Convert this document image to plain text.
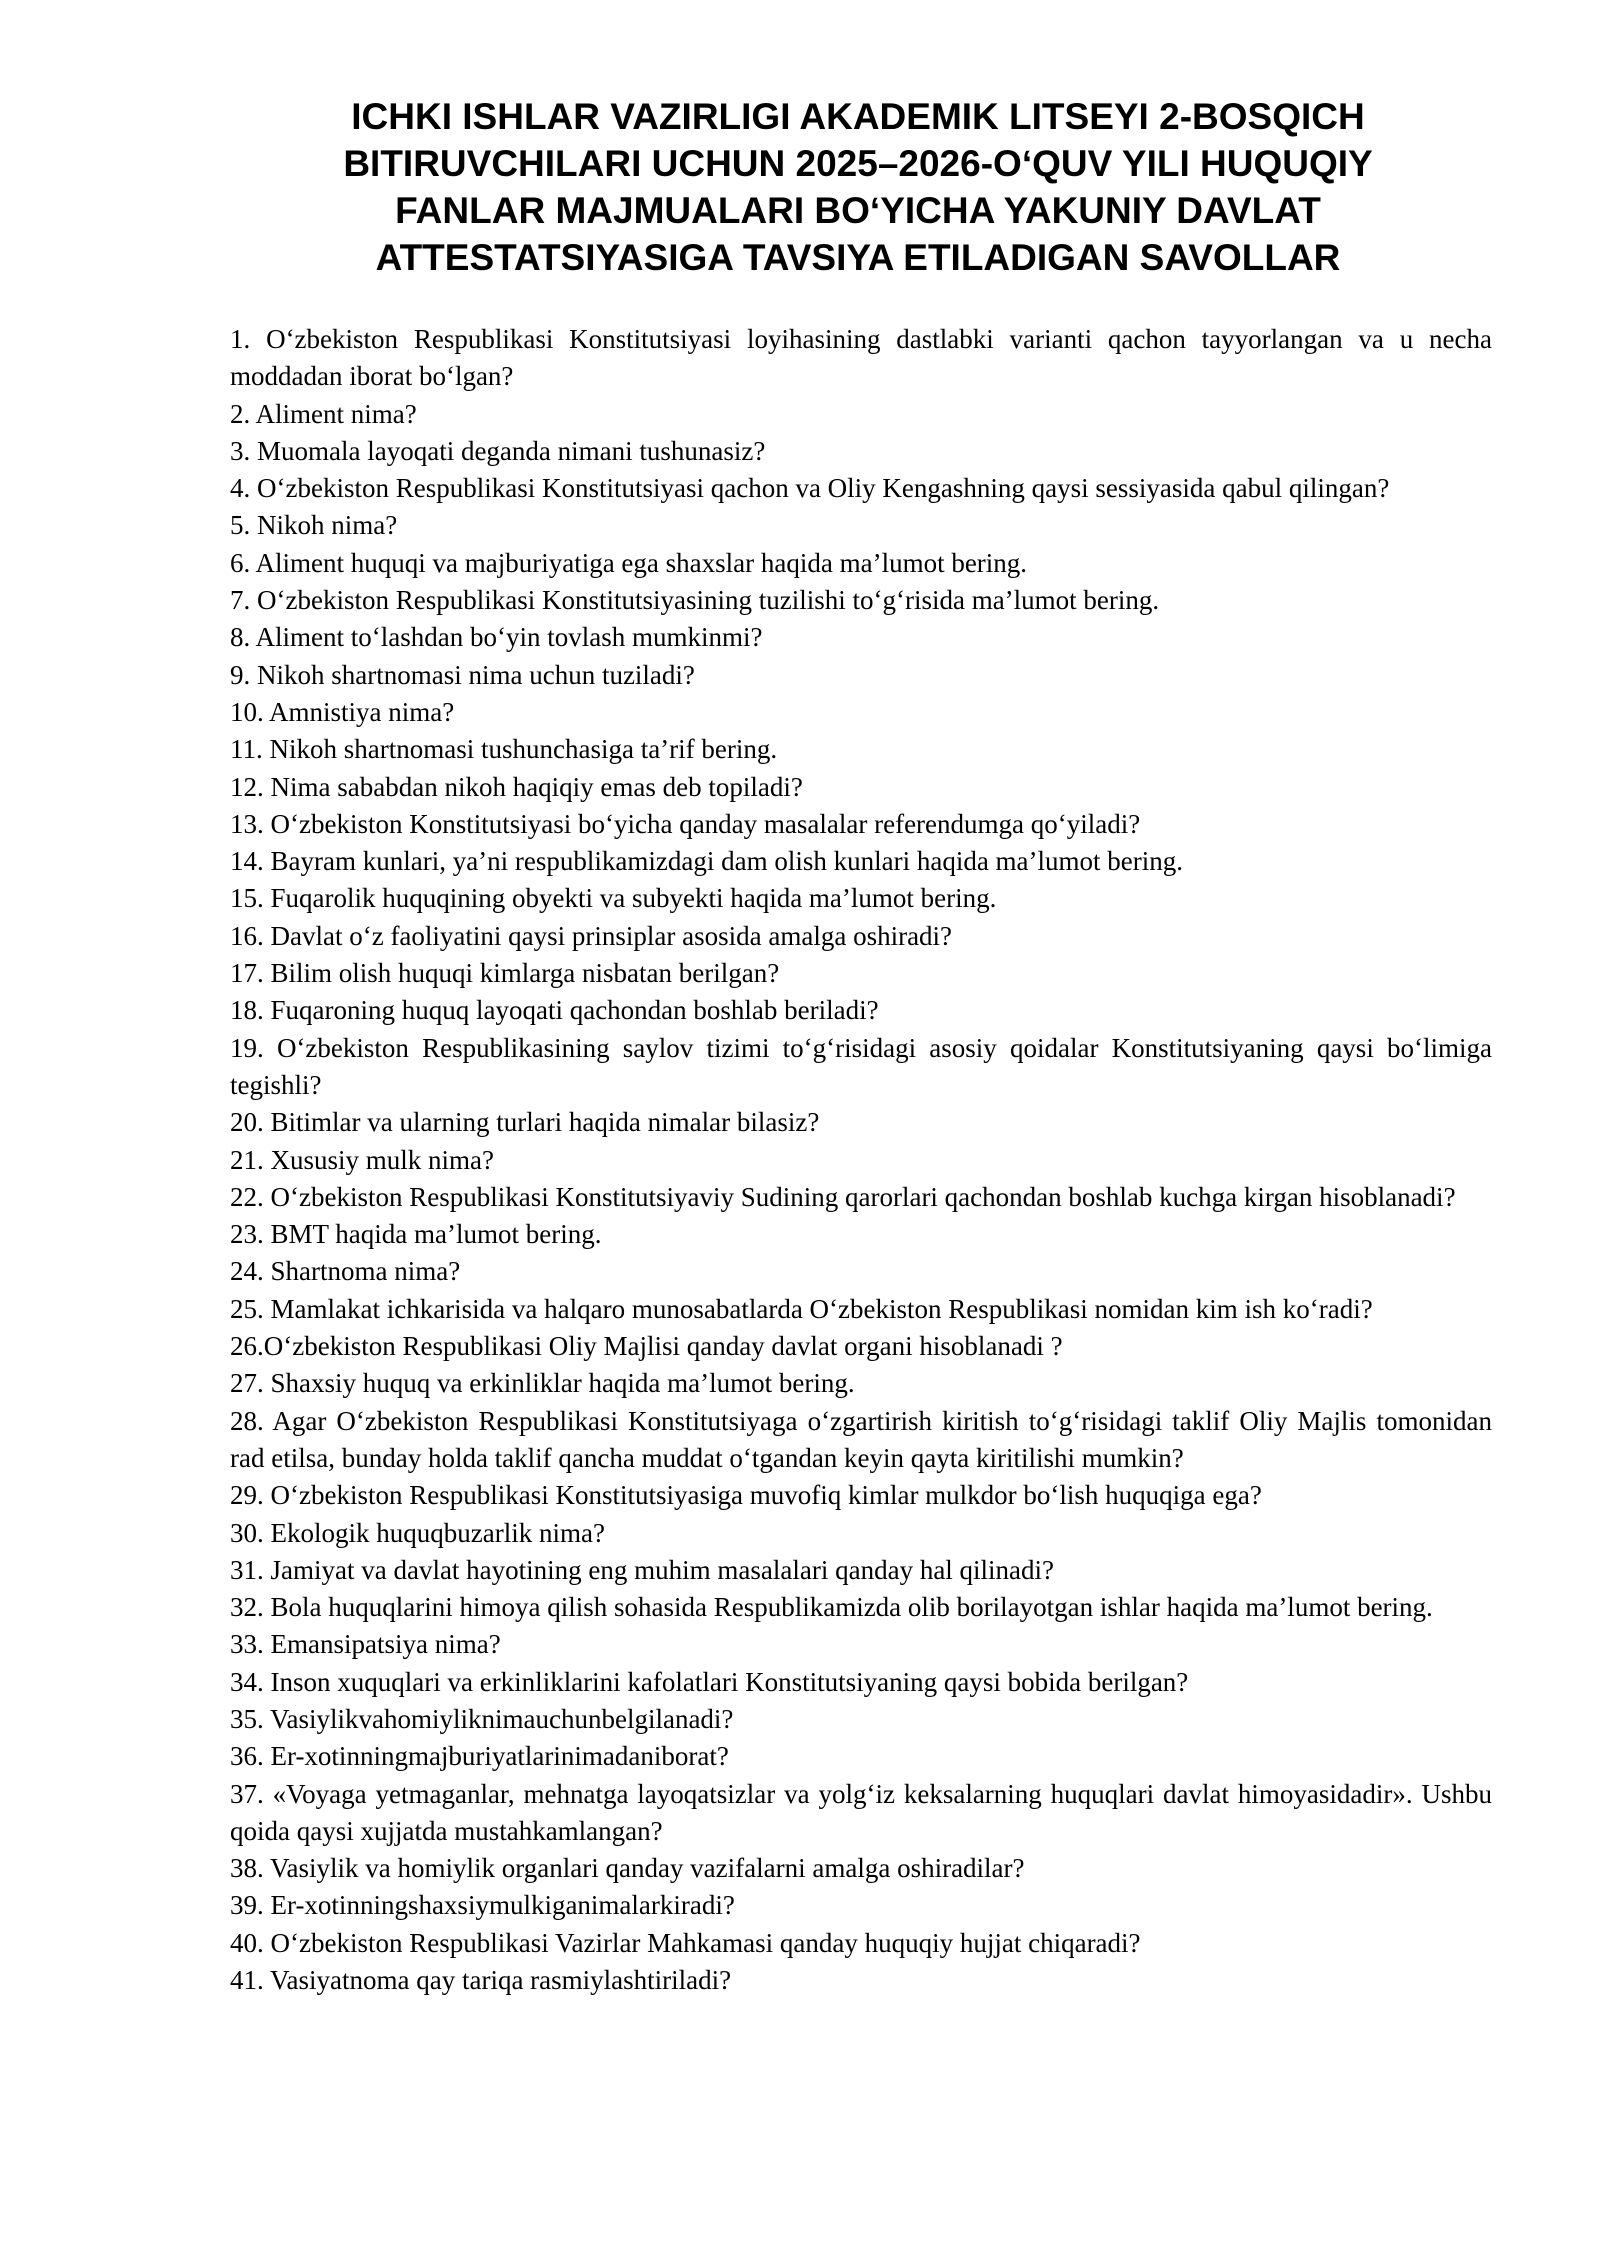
ICHKI ISHLAR VAZIRLIGI AKADEMIK LITSEYI 2-BOSQICH
BITIRUVCHILARI UCHUN 2025–2026-O‘QUV YILI HUQUQIY
FANLAR MAJMUALARI BO‘YICHA YAKUNIY DAVLAT
ATTESTATSIYASIGA TAVSIYA ETILADIGAN SAVOLLAR
1. O‘zbekiston Respublikasi Konstitutsiyasi loyihasining dastlabki varianti qachon tayyorlangan va u necha moddadan iborat bo‘lgan?
2. Aliment nima?
3. Muomala layoqati deganda nimani tushunasiz?
4. O‘zbekiston Respublikasi Konstitutsiyasi qachon va Oliy Kengashning qaysi sessiyasida qabul qilingan?
5. Nikoh nima?
6. Aliment huquqi va majburiyatiga ega shaxslar haqida ma’lumot bering.
7. O‘zbekiston Respublikasi Konstitutsiyasining tuzilishi to‘g‘risida ma’lumot bering.
8. Aliment to‘lashdan bo‘yin tovlash mumkinmi?
9. Nikoh shartnomasi nima uchun tuziladi?
10. Amnistiya nima?
11. Nikoh shartnomasi tushunchasiga ta’rif bering.
12. Nima sababdan nikoh haqiqiy emas deb topiladi?
13. O‘zbekiston Konstitutsiyasi bo‘yicha qanday masalalar referendumga qo‘yiladi?
14. Bayram kunlari, ya’ni respublikamizdagi dam olish kunlari haqida ma’lumot bering.
15. Fuqarolik huquqining obyekti va subyekti haqida ma’lumot bering.
16. Davlat o‘z faoliyatini qaysi prinsiplar asosida amalga oshiradi?
17. Bilim olish huquqi kimlarga nisbatan berilgan?
18. Fuqaroning huquq layoqati qachondan boshlab beriladi?
19. O‘zbekiston Respublikasining saylov tizimi to‘g‘risidagi asosiy qoidalar Konstitutsiyaning qaysi bo‘limiga tegishli?
20. Bitimlar va ularning turlari haqida nimalar bilasiz?
21. Xususiy mulk nima?
22. O‘zbekiston Respublikasi Konstitutsiyaviy Sudining qarorlari qachondan boshlab kuchga kirgan hisoblanadi?
23. BMT haqida ma’lumot bering.
24. Shartnoma nima?
25. Mamlakat ichkarisida va halqaro munosabatlarda O‘zbekiston Respublikasi nomidan kim ish ko‘radi?
26.O‘zbekiston Respublikasi Oliy Majlisi qanday davlat organi hisoblanadi ?
27. Shaxsiy huquq va erkinliklar haqida ma’lumot bering.
28. Agar O‘zbekiston Respublikasi Konstitutsiyaga o‘zgartirish kiritish to‘g‘risidagi taklif Oliy Majlis tomonidan rad etilsa, bunday holda taklif qancha muddat o‘tgandan keyin qayta kiritilishi mumkin?
29. O‘zbekiston Respublikasi Konstitutsiyasiga muvofiq kimlar mulkdor bo‘lish huquqiga ega?
30. Ekologik huquqbuzarlik nima?
31. Jamiyat va davlat hayotining eng muhim masalalari qanday hal qilinadi?
32. Bola huquqlarini himoya qilish sohasida Respublikamizda olib borilayotgan ishlar haqida ma’lumot bering.
33. Emansipatsiya nima?
34. Inson xuquqlari va erkinliklarini kafolatlari Konstitutsiyaning qaysi bobida berilgan?
35. Vasiylikvahomiyliknimauchunbelgilanadi?
36. Er-xotinningmajburiyatlarinimadaniborat?
37. «Voyaga yetmaganlar, mehnatga layoqatsizlar va yolg‘iz keksalarning huquqlari davlat himoyasidadir». Ushbu qoida qaysi xujjatda mustahkamlangan?
38. Vasiylik va homiylik organlari qanday vazifalarni amalga oshiradilar?
39. Er-xotinningshaxsiymulkiganimalarkiradi?
40. O‘zbekiston Respublikasi Vazirlar Mahkamasi qanday huquqiy hujjat chiqaradi?
41. Vasiyatnoma qay tariqa rasmiylashtiriladi?
